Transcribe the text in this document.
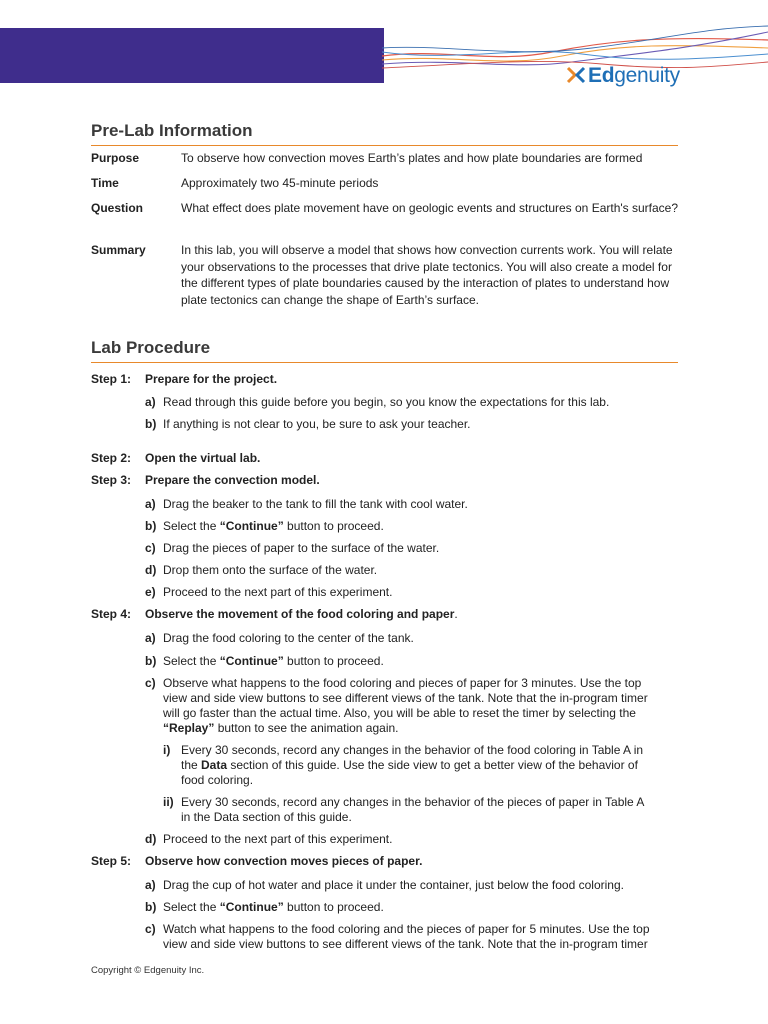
Edgenuity
Pre-Lab Information
Purpose	To observe how convection moves Earth’s plates and how plate boundaries are formed
Time	Approximately two 45-minute periods
Question	What effect does plate movement have on geologic events and structures on Earth's surface?
Summary	In this lab, you will observe a model that shows how convection currents work. You will relate your observations to the processes that drive plate tectonics. You will also create a model for the different types of plate boundaries caused by the interaction of plates to understand how plate tectonics can change the shape of Earth’s surface.
Lab Procedure
Step 1: Prepare for the project.
a) Read through this guide before you begin, so you know the expectations for this lab.
b) If anything is not clear to you, be sure to ask your teacher.
Step 2: Open the virtual lab.
Step 3: Prepare the convection model.
a) Drag the beaker to the tank to fill the tank with cool water.
b) Select the “Continue” button to proceed.
c) Drag the pieces of paper to the surface of the water.
d) Drop them onto the surface of the water.
e) Proceed to the next part of this experiment.
Step 4: Observe the movement of the food coloring and paper.
a) Drag the food coloring to the center of the tank.
b) Select the “Continue” button to proceed.
c) Observe what happens to the food coloring and pieces of paper for 3 minutes. Use the top
view and side view buttons to see different views of the tank. Note that the in-program timer
will go faster than the actual time. Also, you will be able to reset the timer by selecting the
“Replay” button to see the animation again.
i) Every 30 seconds, record any changes in the behavior of the food coloring in Table A in
the Data section of this guide. Use the side view to get a better view of the behavior of
food coloring.
ii) Every 30 seconds, record any changes in the behavior of the pieces of paper in Table A
in the Data section of this guide.
d) Proceed to the next part of this experiment.
Step 5: Observe how convection moves pieces of paper.
a) Drag the cup of hot water and place it under the container, just below the food coloring.
b) Select the “Continue” button to proceed.
c) Watch what happens to the food coloring and the pieces of paper for 5 minutes. Use the top
view and side view buttons to see different views of the tank. Note that the in-program timer
Copyright © Edgenuity Inc.
